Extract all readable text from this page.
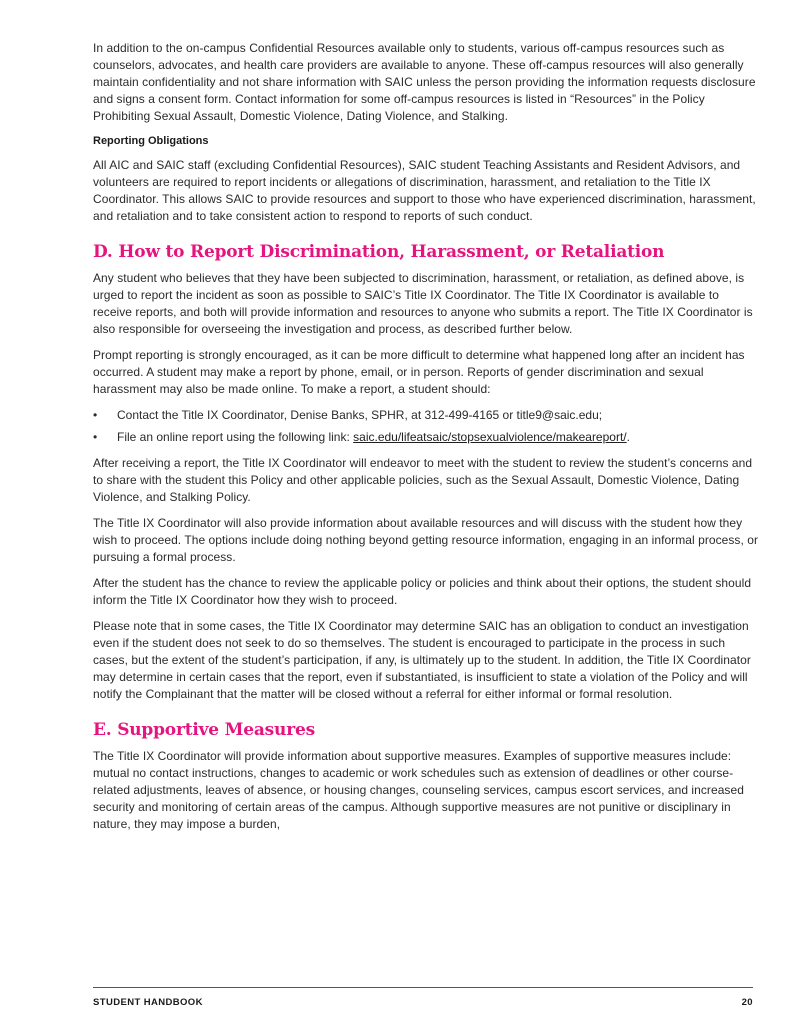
In addition to the on-campus Confidential Resources available only to students, various off-campus resources such as counselors, advocates, and health care providers are available to anyone. These off-campus resources will also generally maintain confidentiality and not share information with SAIC unless the person providing the information requests disclosure and signs a consent form. Contact information for some off-campus resources is listed in “Resources” in the Policy Prohibiting Sexual Assault, Domestic Violence, Dating Violence, and Stalking.

Reporting Obligations

All AIC and SAIC staff (excluding Confidential Resources), SAIC student Teaching Assistants and Resident Advisors, and volunteers are required to report incidents or allegations of discrimination, harassment, and retaliation to the Title IX Coordinator. This allows SAIC to provide resources and support to those who have experienced discrimination, harassment, and retaliation and to take consistent action to respond to reports of such conduct.

D. How to Report Discrimination, Harassment, or Retaliation

Any student who believes that they have been subjected to discrimination, harassment, or retaliation, as defined above, is urged to report the incident as soon as possible to SAIC’s Title IX Coordinator. The Title IX Coordinator is available to receive reports, and both will provide information and resources to anyone who submits a report. The Title IX Coordinator is also responsible for overseeing the investigation and process, as described further below.

Prompt reporting is strongly encouraged, as it can be more difficult to determine what happened long after an incident has occurred. A student may make a report by phone, email, or in person. Reports of gender discrimination and sexual harassment may also be made online. To make a report, a student should:

• Contact the Title IX Coordinator, Denise Banks, SPHR, at 312-499-4165 or title9@saic.edu;
• File an online report using the following link: saic.edu/lifeatsaic/stopsexualviolence/makeareport/.

After receiving a report, the Title IX Coordinator will endeavor to meet with the student to review the student’s concerns and to share with the student this Policy and other applicable policies, such as the Sexual Assault, Domestic Violence, Dating Violence, and Stalking Policy.

The Title IX Coordinator will also provide information about available resources and will discuss with the student how they wish to proceed. The options include doing nothing beyond getting resource information, engaging in an informal process, or pursuing a formal process.

After the student has the chance to review the applicable policy or policies and think about their options, the student should inform the Title IX Coordinator how they wish to proceed.

Please note that in some cases, the Title IX Coordinator may determine SAIC has an obligation to conduct an investigation even if the student does not seek to do so themselves. The student is encouraged to participate in the process in such cases, but the extent of the student’s participation, if any, is ultimately up to the student. In addition, the Title IX Coordinator may determine in certain cases that the report, even if substantiated, is insufficient to state a violation of the Policy and will notify the Complainant that the matter will be closed without a referral for either informal or formal resolution.

E. Supportive Measures

The Title IX Coordinator will provide information about supportive measures. Examples of supportive measures include: mutual no contact instructions, changes to academic or work schedules such as extension of deadlines or other course-related adjustments, leaves of absence, or housing changes, counseling services, campus escort services, and increased security and monitoring of certain areas of the campus. Although supportive measures are not punitive or disciplinary in nature, they may impose a burden,

STUDENT HANDBOOK	20
